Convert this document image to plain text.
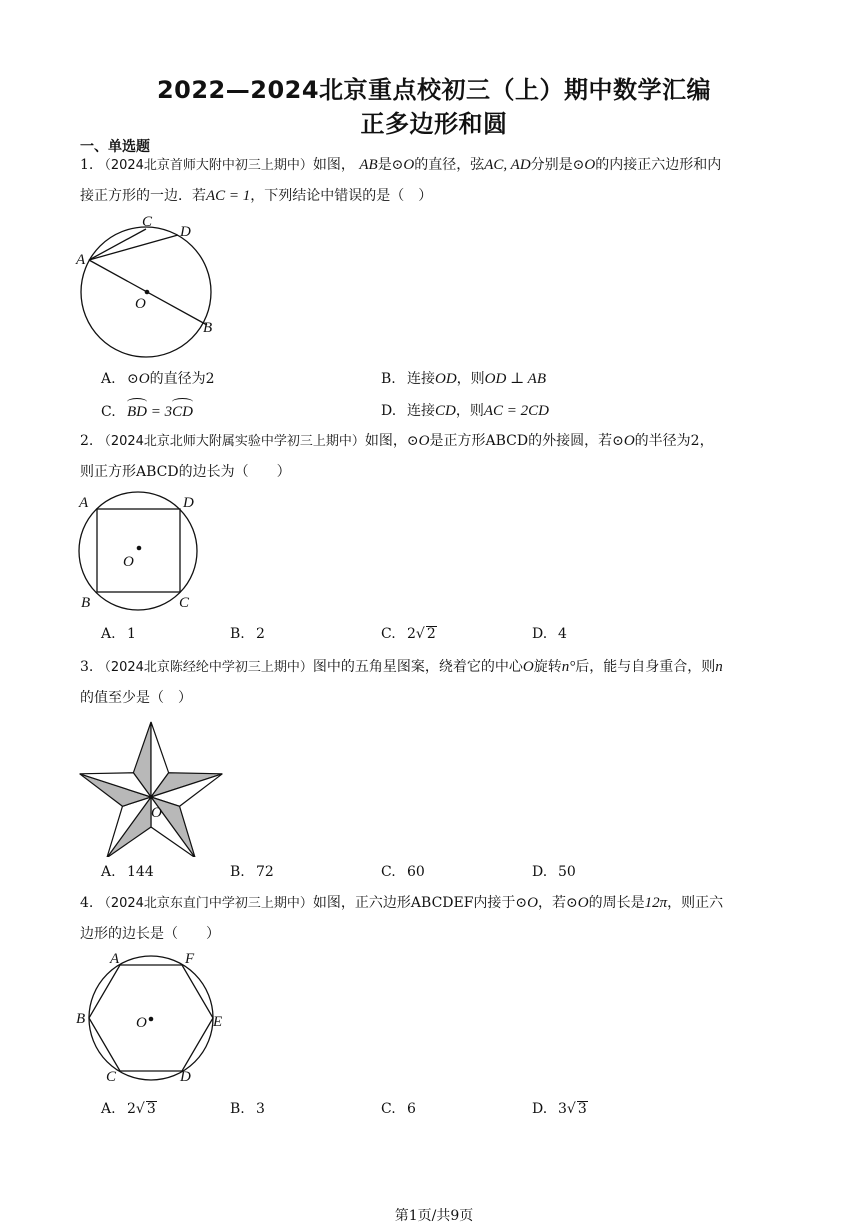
2022—2024北京重点校初三（上）期中数学汇编
正多边形和圆
一、单选题
1. （2024北京首师大附中初三上期中）如图， AB是⊙O的直径，弦AC, AD分别是⊙O的内接正六边形和内
接正方形的一边．若AC = 1，下列结论中错误的是（　）
A
C
D
B
O
A. ⊙O的直径为2	B. 连接OD，则OD ⊥ AB
C. BD = 3CD	D. 连接CD，则AC = 2CD
2. （2024北京北师大附属实验中学初三上期中）如图，⊙O是正方形ABCD的外接圆，若⊙O的半径为2，
则正方形ABCD的边长为（　　）
A	D
B	C
O
A. 1	B. 2	C. 2√ 2	D. 4
3. （2024北京陈经纶中学初三上期中）图中的五角星图案，绕着它的中心O旋转n°后，能与自身重合，则n
的值至少是（　）
O
A. 144	B. 72	C. 60	D. 50
4. （2024北京东直门中学初三上期中）如图，正六边形ABCDEF内接于⊙O，若⊙O的周长是12π，则正六
边形的边长是（　　）
A	F
B	E
C	D
O
A. 2√ 3	B. 3	C. 6	D. 3√ 3
第1页/共9页
